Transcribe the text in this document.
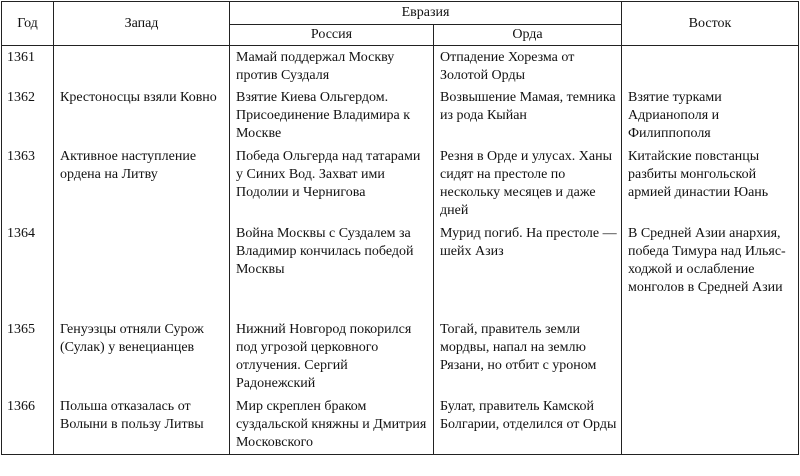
Год	Запад	Евразия		Восток
		Россия	Орда	

1361		Мамай поддержал Москву против Суздаля	Отпадение Хорезма от Золотой Орды	

1362	Крестоносцы взяли Ковно	Взятие Киева Ольгердом. Присоединение Владимира к Москве	Возвышение Мамая, темника из рода Кыйан	Взятие турками Адрианополя и Филиппополя

1363	Активное наступление ордена на Литву	Победа Ольгерда над татарами у Синих Вод. Захват ими Подолии и Чернигова	Резня в Орде и улусах. Ханы сидят на престоле по нескольку месяцев и даже дней	Китайские повстанцы разбиты монгольской армией династии Юань

1364		Война Москвы с Суздалем за Владимир кончилась победой Москвы	Мурид погиб. На престоле — шейх Азиз	В Средней Азии анархия, победа Тимура над Ильяс-ходжой и ослабление монголов в Средней Азии

1365	Генуэзцы отняли Сурож (Сулак) у венецианцев	Нижний Новгород покорился под угрозой церковного отлучения. Сергий Радонежский	Тогай, правитель земли мордвы, напал на землю Рязани, но отбит с уроном	

1366	Польша отказалась от Волыни в пользу Литвы	Мир скреплен браком суздальской княжны и Дмитрия Московского	Булат, правитель Камской Болгарии, отделился от Орды	
